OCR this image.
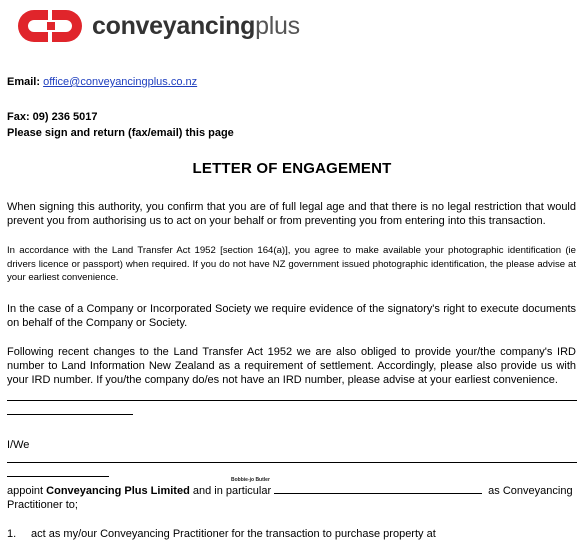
conveyancingplus
Email: office@conveyancingplus.co.nz
Fax: 09) 236 5017
Please sign and return (fax/email) this page
LETTER OF ENGAGEMENT
When signing this authority, you confirm that you are of full legal age and that there is no legal restriction that would prevent you from authorising us to act on your behalf or from preventing you from entering into this transaction.
In accordance with the Land Transfer Act 1952 [section 164(a)], you agree to make available your photographic identification (ie drivers licence or passport) when required. If you do not have NZ government issued photographic identification, the please advise at your earliest convenience.
In the case of a Company or Incorporated Society we require evidence of the signatory's right to execute documents on behalf of the Company or Society.
Following recent changes to the Land Transfer Act 1952 we are also obliged to provide your/the company's IRD number to Land Information New Zealand as a requirement of settlement. Accordingly, please also provide us with your IRD number. If you/the company do/es not have an IRD number, please advise at your earliest convenience.
I/We
Bobbie-jo Butler
appoint Conveyancing Plus Limited and in particular	as Conveyancing Practitioner to;
1.	act as my/our Conveyancing Practitioner for the transaction to purchase property at
